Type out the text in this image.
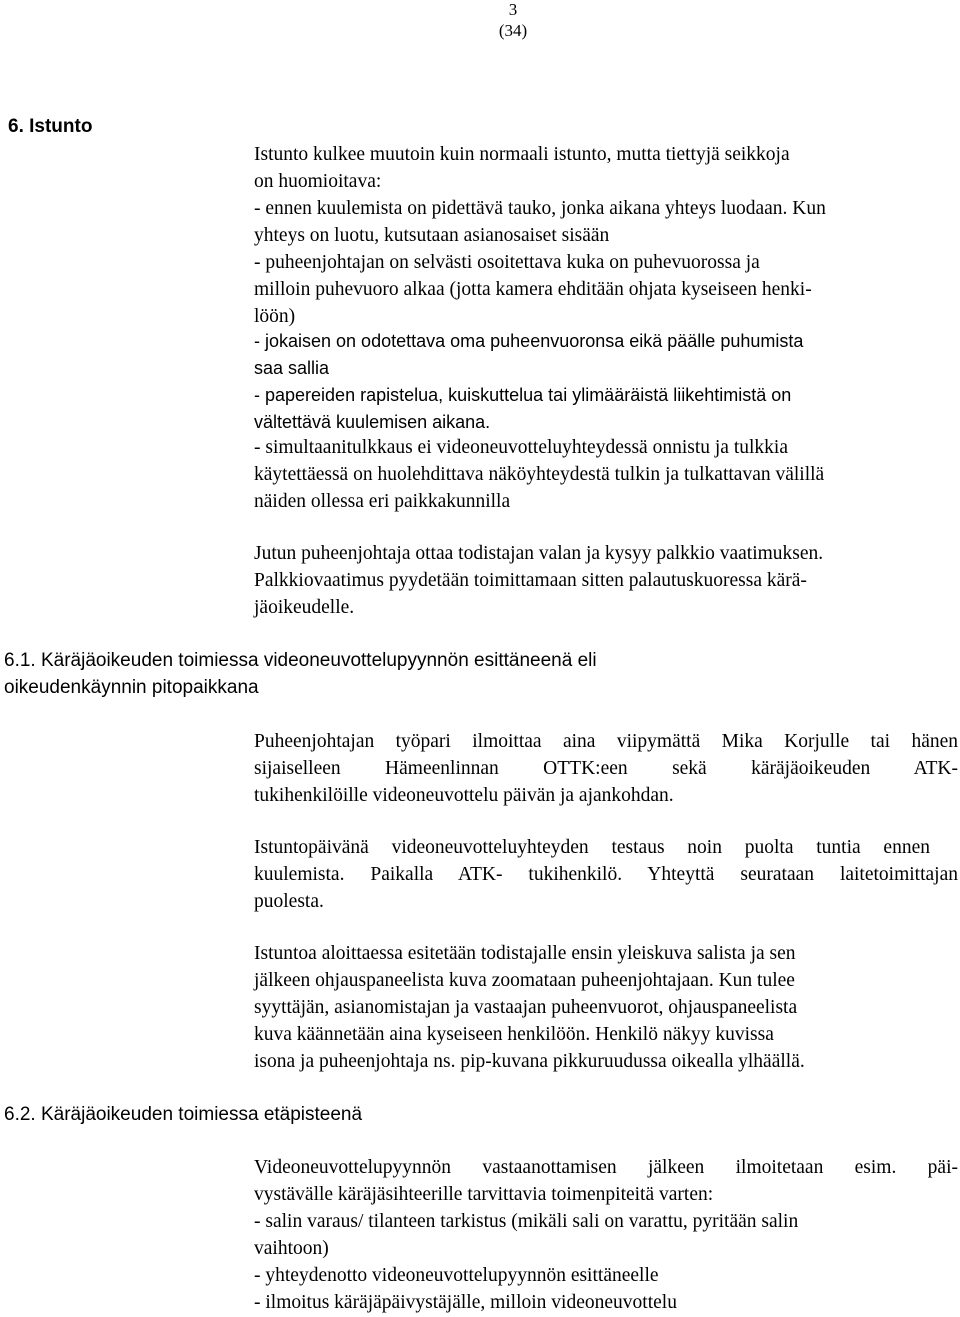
3
(34)
6. Istunto
Istunto kulkee muutoin kuin normaali istunto, mutta tiettyjä seikkoja
on huomioitava:
- ennen kuulemista on pidettävä tauko, jonka aikana yhteys luodaan. Kun
yhteys on luotu, kutsutaan asianosaiset sisään
- puheenjohtajan on selvästi osoitettava kuka on puhevuorossa ja
milloin puhevuoro alkaa (jotta kamera ehditään ohjata kyseiseen henki-
löön)
- jokaisen on odotettava oma puheenvuoronsa eikä päälle puhumista
saa sallia
- papereiden rapistelua, kuiskuttelua tai ylimääräistä liikehtimistä on
vältettävä kuulemisen aikana.
- simultaanitulkkaus ei videoneuvotteluyhteydessä onnistu ja tulkkia
käytettäessä on huolehdittava näköyhteydestä tulkin ja tulkattavan välillä
näiden ollessa eri paikkakunnilla
Jutun puheenjohtaja ottaa todistajan valan ja kysyy palkkio vaatimuksen.
Palkkiovaatimus pyydetään toimittamaan sitten palautuskuoressa kärä-
jäoikeudelle.
6.1. Käräjäoikeuden toimiessa videoneuvottelupyynnön esittäneenä eli
oikeudenkäynnin pitopaikkana
Puheenjohtajan työpari ilmoittaa aina viipymättä Mika Korjulle tai hänen
sijaiselleen Hämeenlinnan OTTK:een sekä käräjäoikeuden ATK-
tukihenkilöille videoneuvottelu päivän ja ajankohdan.
Istuntopäivänä videoneuvotteluyhteyden testaus noin puolta tuntia ennen
kuulemista. Paikalla ATK- tukihenkilö. Yhteyttä seurataan laitetoimittajan
puolesta.
Istuntoa aloittaessa esitetään todistajalle ensin yleiskuva salista ja sen
jälkeen ohjauspaneelista kuva zoomataan puheenjohtajaan. Kun tulee
syyttäjän, asianomistajan ja vastaajan puheenvuorot, ohjauspaneelista
kuva käännetään aina kyseiseen henkilöön. Henkilö näkyy kuvissa
isona ja puheenjohtaja ns. pip-kuvana pikkuruudussa oikealla ylhäällä.
6.2. Käräjäoikeuden toimiessa etäpisteenä
Videoneuvottelupyynnön vastaanottamisen jälkeen ilmoitetaan esim. päi-
vystävälle käräjäsihteerille tarvittavia toimenpiteitä varten:
- salin varaus/ tilanteen tarkistus (mikäli sali on varattu, pyritään salin
vaihtoon)
- yhteydenotto videoneuvottelupyynnön esittäneelle
- ilmoitus käräjäpäivystäjälle, milloin videoneuvottelu
